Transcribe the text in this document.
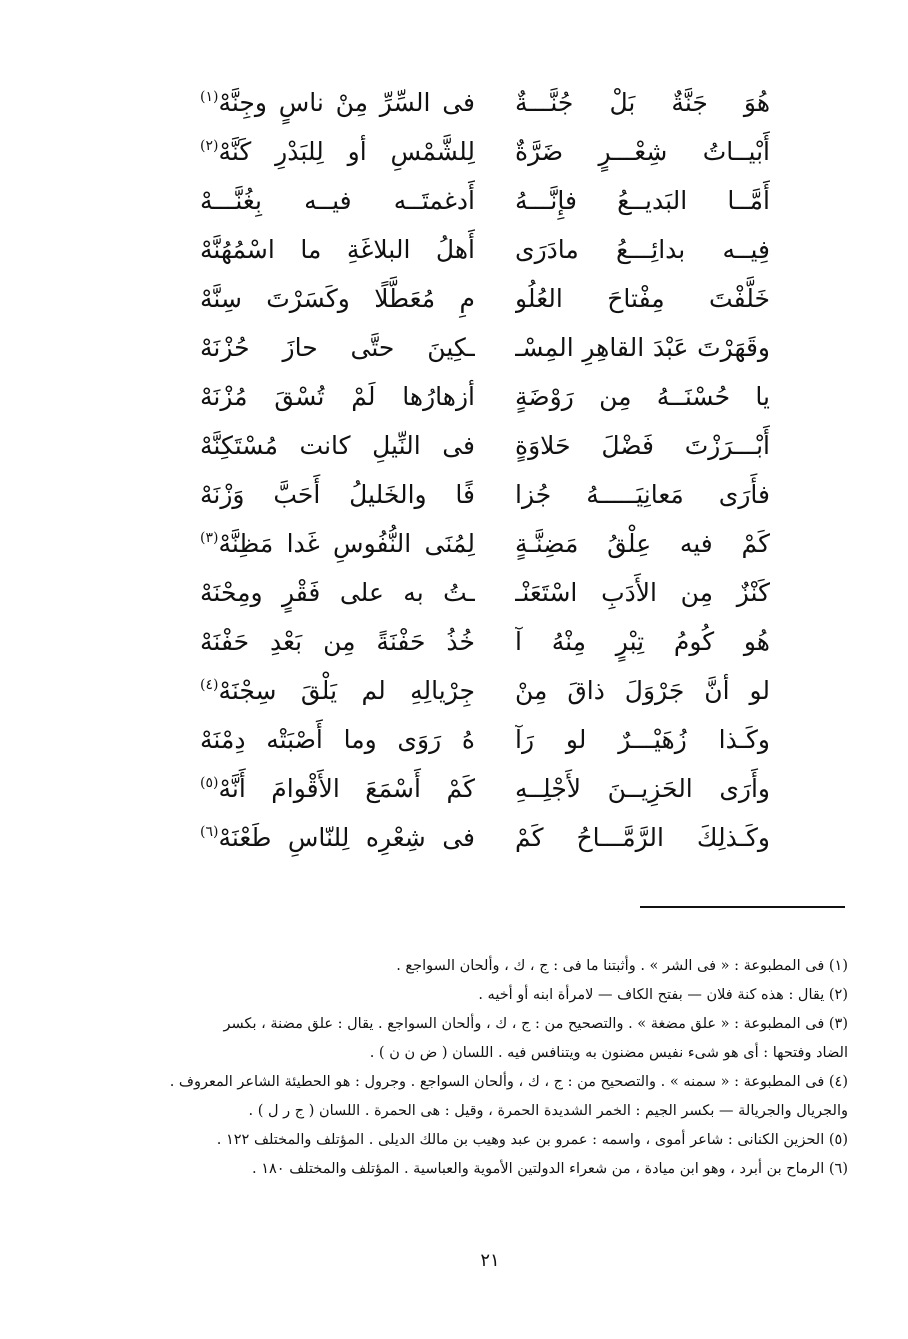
هُوَ جَنَّةٌ بَلْ جُنَّـــةٌ
فى السِّرِّ مِنْ ناسٍ وجِنَّهْ$^{(١)}$
أَبْيــاتُ شِعْـــرٍ ضَرَّةٌ
لِلشَّمْسِ أو لِلبَدْرِ كَنَّهْ$^{(٢)}$
أَمَّــا البَديــعُ فإِنَّـــهُ
أَدغمتَــه فيــه بِغُنَّـــهْ
فِيــه بدائِـــعُ مادَرَى
أَهلُ البلاغَةِ ما اسْمُهُنَّهْ
خَلَّفْتَ مِفْتاحَ العُلُو
مِ مُعَطَّلًا وكَسَرْتَ سِنَّهْ
وقَهَرْتَ عَبْدَ القاهِرِ المِسْـ
ـكِينَ حتَّى حازَ حُزْنَهْ
يا حُسْنَــهُ مِن رَوْضَةٍ
أزهارُها لَمْ تُسْقَ مُزْنَهْ
أَبْـــرَزْتَ فَضْلَ حَلاوَةٍ
فى النِّيلِ كانت مُسْتَكِنَّهْ
فأَرَى مَعانِيَـــــهُ جُزا
فًا والخَليلُ أَحَبَّ وَزْنَهْ
كَمْ فيه عِلْقُ مَضِنَّـةٍ
لِمُنَى النُّفُوسِ غَدا مَظِنَّهْ$^{(٣)}$
كَنْزٌ مِن الأَدَبِ اسْتَعَنْـ
ـتُ به على فَقْرٍ ومِحْنَهْ
هُو كُومُ تِبْرٍ مِنْهُ آ
خُذُ حَفْنَةً مِن بَعْدِ حَفْنَهْ
لو أنَّ جَرْوَلَ ذاقَ مِنْ
جِرْيالِهِ لم يَلْقَ سِجْنَهْ$^{(٤)}$
وكَـذا زُهَيْـــرٌ لو رَآ
هُ رَوَى وما أَصْبَتْه دِمْنَهْ
وأَرَى الحَزِيــنَ لأَجْلِــهِ
كَمْ أَسْمَعَ الأَقْوامَ أَنَّهْ$^{(٥)}$
وكَـذلِكَ الرَّمَّـــاحُ كَمْ
فى شِعْرِه لِلنّاسِ طَعْنَهْ$^{(٦)}$
(١) فى المطبوعة : « فى الشر » . وأثبتنا ما فى : ج ، ك ، وألحان السواجع .
(٢) يقال : هذه كنة فلان — بفتح الكاف — لامرأة ابنه أو أخيه .
(٣) فى المطبوعة : « علق مضغة » . والتصحيح من : ج ، ك ، وألحان السواجع . يقال : علق مضنة ، بكسر
الضاد وفتحها : أى هو شىء نفيس مضنون به ويتنافس فيه . اللسان ( ض ن ن ) .
(٤) فى المطبوعة : « سمنه » . والتصحيح من : ج ، ك ، وألحان السواجع . وجرول : هو الحطيئة الشاعر المعروف .
والجريال والجريالة — بكسر الجيم : الخمر الشديدة الحمرة ، وقيل : هى الحمرة . اللسان ( ج ر ل ) .
(٥) الحزين الكنانى : شاعر أموى ، واسمه : عمرو بن عبد وهيب بن مالك الديلى . المؤتلف والمختلف ١٢٢ .
(٦) الرماح بن أبرد ، وهو ابن ميادة ، من شعراء الدولتين الأموية والعباسية . المؤتلف والمختلف ١٨٠ .
٢١
